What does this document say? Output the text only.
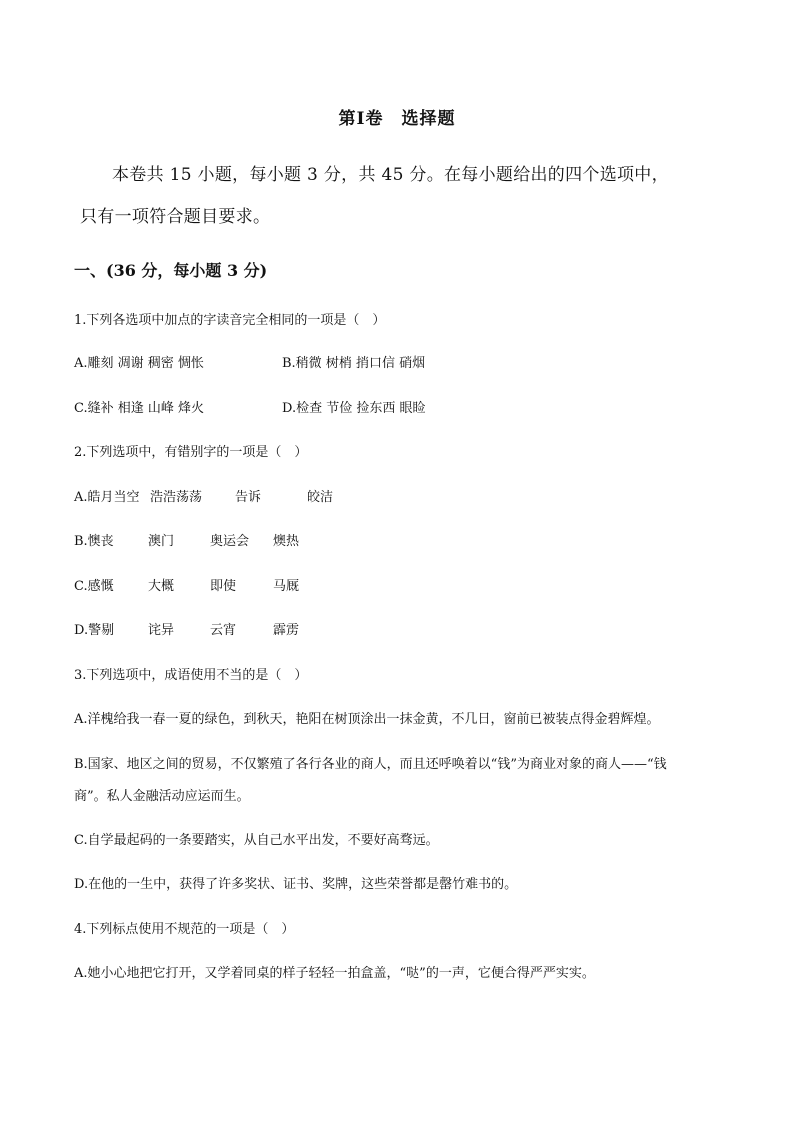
第Ⅰ卷　选择题
本卷共 15 小题，每小题 3 分，共 45 分。在每小题给出的四个选项中，
只有一项符合题目要求。
一、(36 分，每小题 3 分)
1.下列各选项中加点的字读音完全相同的一项是（　）
A.雕刻 凋谢 稠密 惆怅	B.稍微 树梢 捎口信 硝烟
C.缝补 相逢 山峰 烽火	D.检查 节俭 捡东西 眼睑
2.下列选项中，有错别字的一项是（　）
A.皓月当空 浩浩荡荡	告诉	皎洁
B.懊丧	澳门	奥运会 燠热
C.感慨	大概	即使	马厩
D.警剔	诧异	云宵	霹雳
3.下列选项中，成语使用不当的是（　）
A.洋槐给我一春一夏的绿色，到秋天，艳阳在树顶涂出一抹金黄，不几日，窗前已被装点得金碧辉煌。
B.国家、地区之间的贸易，不仅繁殖了各行各业的商人，而且还呼唤着以“钱”为商业对象的商人——“钱
商”。私人金融活动应运而生。
C.自学最起码的一条要踏实，从自己水平出发，不要好高骛远。
D.在他的一生中，获得了许多奖状、证书、奖牌，这些荣誉都是罄竹难书的。
4.下列标点使用不规范的一项是（　）
A.她小心地把它打开，又学着同桌的样子轻轻一拍盒盖，“哒”的一声，它便合得严严实实。
